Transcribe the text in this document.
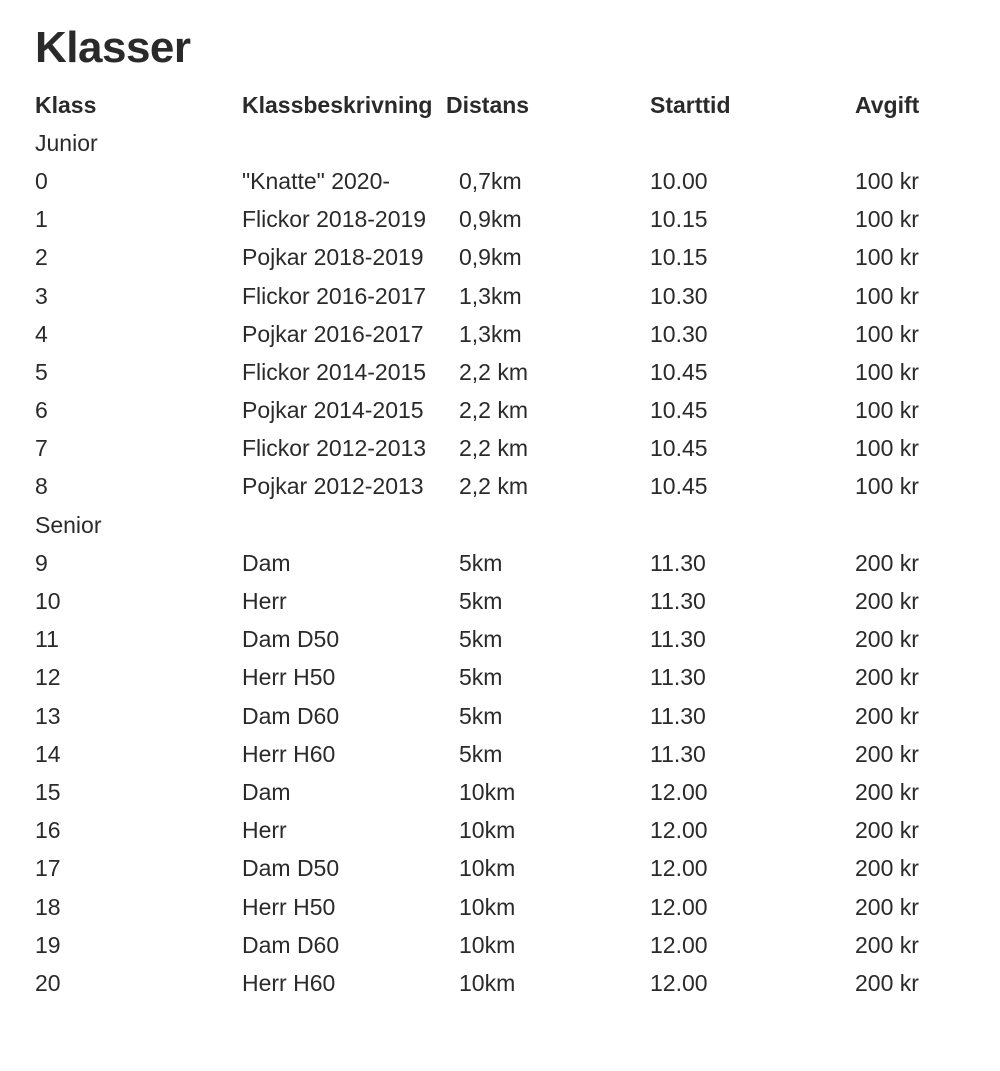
Klasser
Klass	Klassbeskrivning	Distans	Starttid	Avgift
Junior				
0	"Knatte" 2020-	0,7km	10.00	100 kr
1	Flickor 2018-2019	0,9km	10.15	100 kr
2	Pojkar 2018-2019	0,9km	10.15	100 kr
3	Flickor 2016-2017	1,3km	10.30	100 kr
4	Pojkar 2016-2017	1,3km	10.30	100 kr
5	Flickor 2014-2015	2,2 km	10.45	100 kr
6	Pojkar 2014-2015	2,2 km	10.45	100 kr
7	Flickor 2012-2013	2,2 km	10.45	100 kr
8	Pojkar 2012-2013	2,2 km	10.45	100 kr
Senior				
9	Dam	5km	11.30	200 kr
10	Herr	5km	11.30	200 kr
11	Dam D50	5km	11.30	200 kr
12	Herr H50	5km	11.30	200 kr
13	Dam D60	5km	11.30	200 kr
14	Herr H60	5km	11.30	200 kr
15	Dam	10km	12.00	200 kr
16	Herr	10km	12.00	200 kr
17	Dam D50	10km	12.00	200 kr
18	Herr H50	10km	12.00	200 kr
19	Dam D60	10km	12.00	200 kr
20	Herr H60	10km	12.00	200 kr
